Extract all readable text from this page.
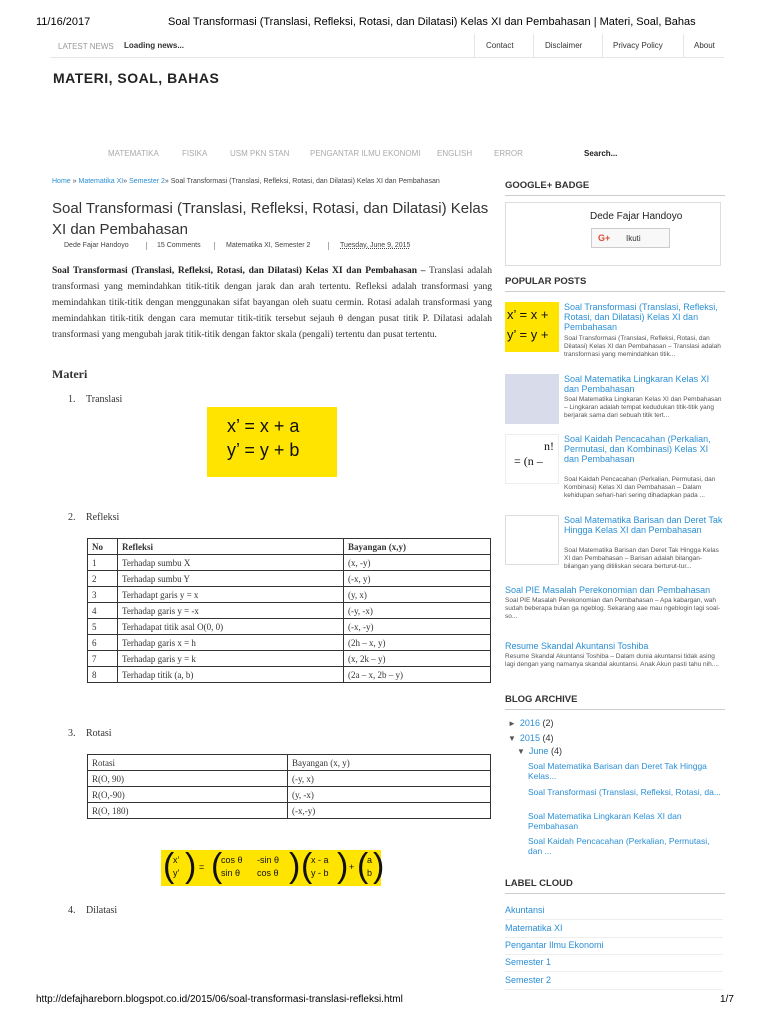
11/16/2017	Soal Transformasi (Translasi, Refleksi, Rotasi, dan Dilatasi) Kelas XI dan Pembahasan | Materi, Soal, Bahas
LATEST NEWS Loading news...	Contact	Disclaimer	Privacy Policy	About
MATERI, SOAL, BAHAS
MATEMATIKA	FISIKA	USM PKN STAN	PENGANTAR ILMU EKONOMI ENGLISH	ERROR	Search...
Home » Matematika XI» Semester 2» Soal Transformasi (Translasi, Refleksi, Rotasi, dan Dilatasi) Kelas XI dan Pembahasan
Soal Transformasi (Translasi, Refleksi, Rotasi, dan Dilatasi) Kelas XI dan Pembahasan
Dede Fajar Handoyo	15 Comments	Matematika XI, Semester 2	Tuesday, June 9, 2015
Soal Transformasi (Translasi, Refleksi, Rotasi, dan Dilatasi) Kelas XI dan Pembahasan – Translasi adalah transformasi yang memindahkan titik-titik dengan jarak dan arah tertentu. Refleksi adalah transformasi yang memindahkan titik-titik dengan menggunakan sifat bayangan oleh suatu cermin. Rotasi adalah transformasi yang memindahkan titik-titik dengan cara memutar titik-titik tersebut sejauh θ dengan pusat titik P. Dilatasi adalah transformasi yang mengubah jarak titik-titik dengan faktor skala (pengali) tertentu dan pusat tertentu.
Materi
1. Translasi
x’ = x + a
y’ = y + b
2. Refleksi
No	Refleksi	Bayangan (x,y)
1	Terhadap sumbu X	(x, -y)
2	Terhadap sumbu Y	(-x, y)
3	Terhadapt garis y = x	(y, x)
4	Terhadap garis y = -x	(-y, -x)
5	Terhadapat titik asal O(0, 0)	(-x, -y)
6	Terhadap garis x = h	(2h – x, y)
7	Terhadap garis y = k	(x, 2k – y)
8	Terhadap titik (a, b)	(2a – x, 2b – y)
3. Rotasi
Rotasi	Bayangan (x, y)
R(O, 90)	(-y, x)
R(O,-90)	(y, -x)
R(O, 180)	(-x,-y)
(
x’
y’ ) = (
cos θ -sin θ
sin θ cos θ ) (
x - a
y - b ) + (
a
b )
4. Dilatasi
GOOGLE+ BADGE
Dede Fajar Handoyo
G+ Ikuti
POPULAR POSTS
x’ = x +
y’ = y +
Soal Transformasi (Translasi, Refleksi, Rotasi, dan Dilatasi) Kelas XI dan Pembahasan
Soal Transformasi (Translasi, Refleksi, Rotasi, dan Dilatasi) Kelas XI dan Pembahasan – Translasi adalah transformasi yang memindahkan titik...
Soal Matematika Lingkaran Kelas XI dan Pembahasan
Soal Matematika Lingkaran Kelas XI dan Pembahasan – Lingkaran adalah tempat kedudukan titik-titik yang berjarak sama dari sebuah titik tert...
n!
= (n –
Soal Kaidah Pencacahan (Perkalian, Permutasi, dan Kombinasi) Kelas XI dan Pembahasan
Soal Kaidah Pencacahan (Perkalian, Permutasi, dan Kombinasi) Kelas XI dan Pembahasan – Dalam kehidupan sehari-hari sering dihadapkan pada ...
Soal Matematika Barisan dan Deret Tak Hingga Kelas XI dan Pembahasan
Soal Matematika Barisan dan Deret Tak Hingga Kelas XI dan Pembahasan – Barisan adalah bilangan-bilangan yang ditiliskan secara berturut-tur...
Soal PIE Masalah Perekonomian dan Pembahasan
Soal PIE Masalah Perekonomian dan Pembahasan – Apa kabargan, wah sudah beberapa bulan ga ngeblog. Sekarang aae mau ngeblogin lagi soal-so...
Resume Skandal Akuntansi Toshiba
Resume Skandal Akuntansi Toshiba – Dalam dunia akuntansi tidak asing lagi dengan yang namanya skandal akuntansi. Anak Akun pasti tahu nih....
BLOG ARCHIVE
► 2016 (2)
▼ 2015 (4)
▼ June (4)
Soal Matematika Barisan dan Deret Tak Hingga Kelas...
Soal Transformasi (Translasi, Refleksi, Rotasi, da...
Soal Matematika Lingkaran Kelas XI dan Pembahasan
Soal Kaidah Pencacahan (Perkalian, Permutasi, dan ...
LABEL CLOUD
Akuntansi
Matematika XI
Pengantar Ilmu Ekonomi
Semester 1
Semester 2
http://defajhareborn.blogspot.co.id/2015/06/soal-transformasi-translasi-refleksi.html	1/7
